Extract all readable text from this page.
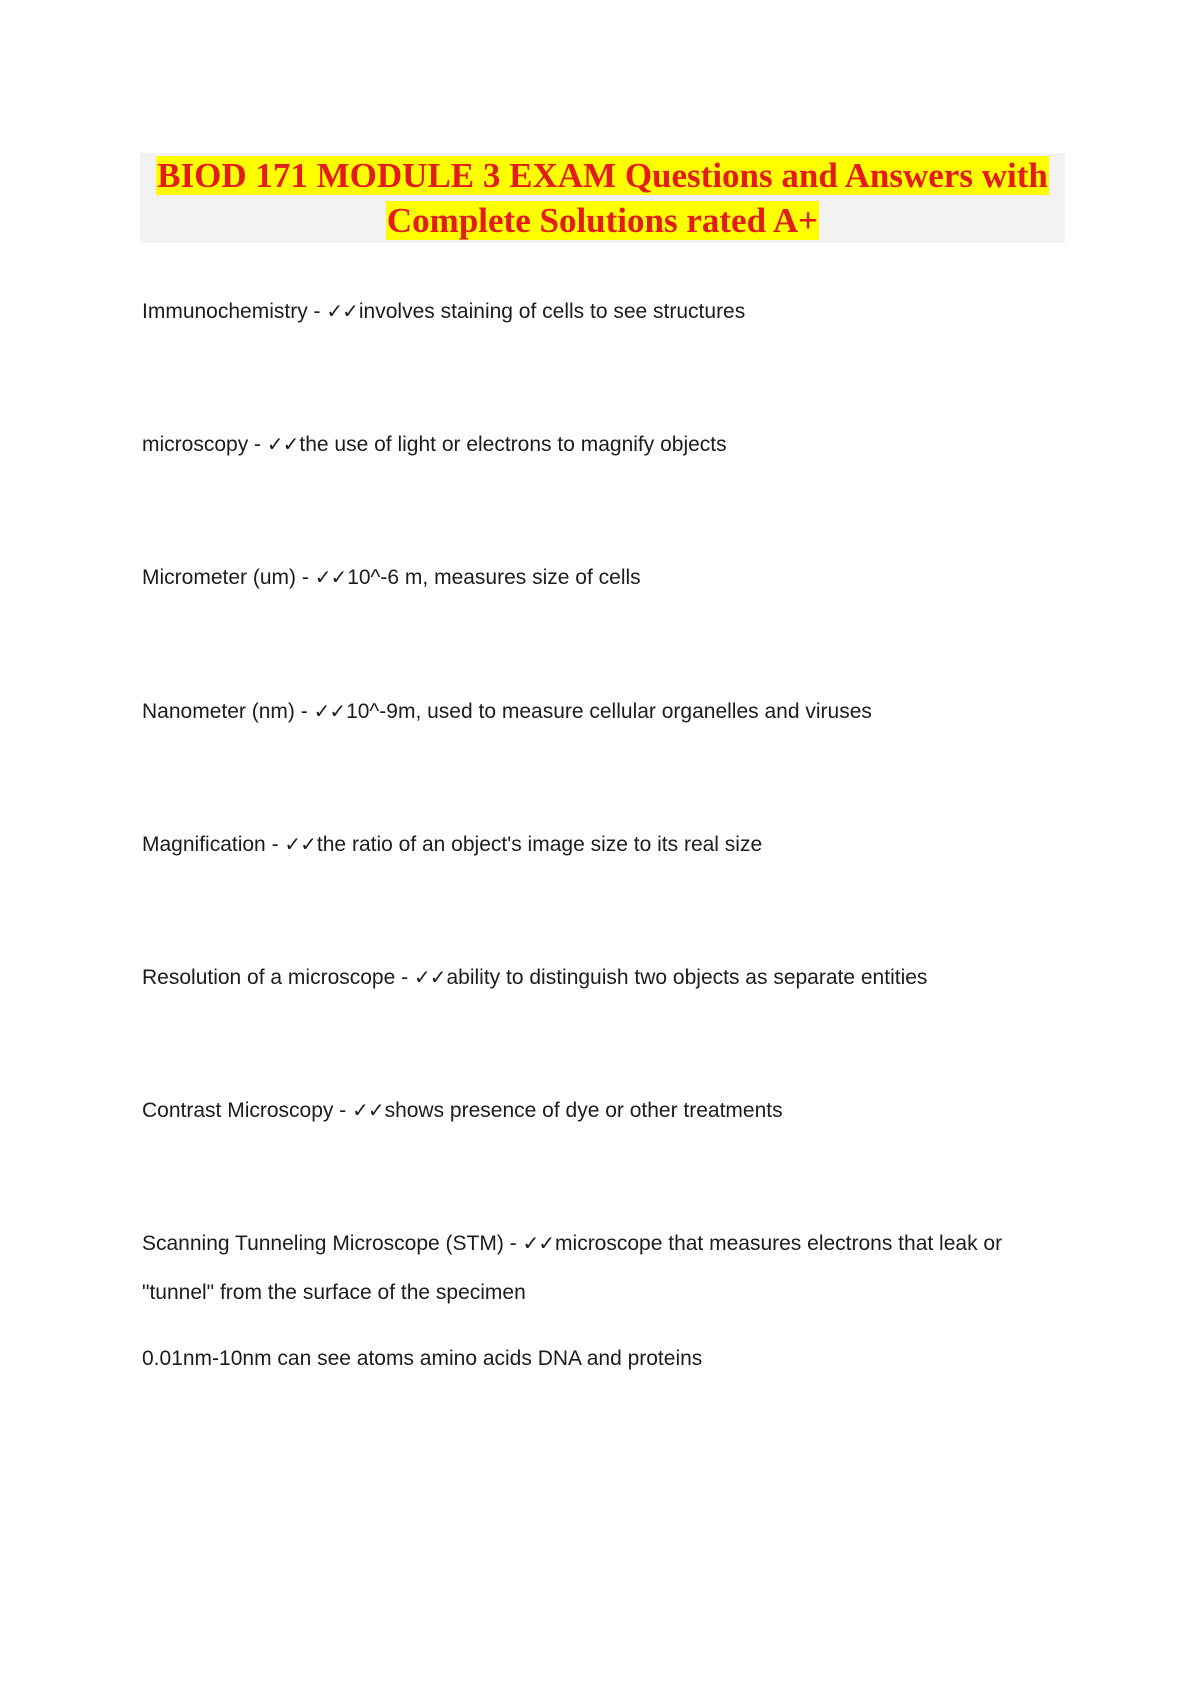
BIOD 171 MODULE 3 EXAM Questions and Answers with
Complete Solutions rated A+
Immunochemistry - ✓✓involves staining of cells to see structures
microscopy - ✓✓the use of light or electrons to magnify objects
Micrometer (um) - ✓✓10^-6 m, measures size of cells
Nanometer (nm) - ✓✓10^-9m, used to measure cellular organelles and viruses
Magnification - ✓✓the ratio of an object's image size to its real size
Resolution of a microscope - ✓✓ability to distinguish two objects as separate entities
Contrast Microscopy - ✓✓shows presence of dye or other treatments
Scanning Tunneling Microscope (STM) - ✓✓microscope that measures electrons that leak or "tunnel" from the surface of the specimen
0.01nm-10nm can see atoms amino acids DNA and proteins
